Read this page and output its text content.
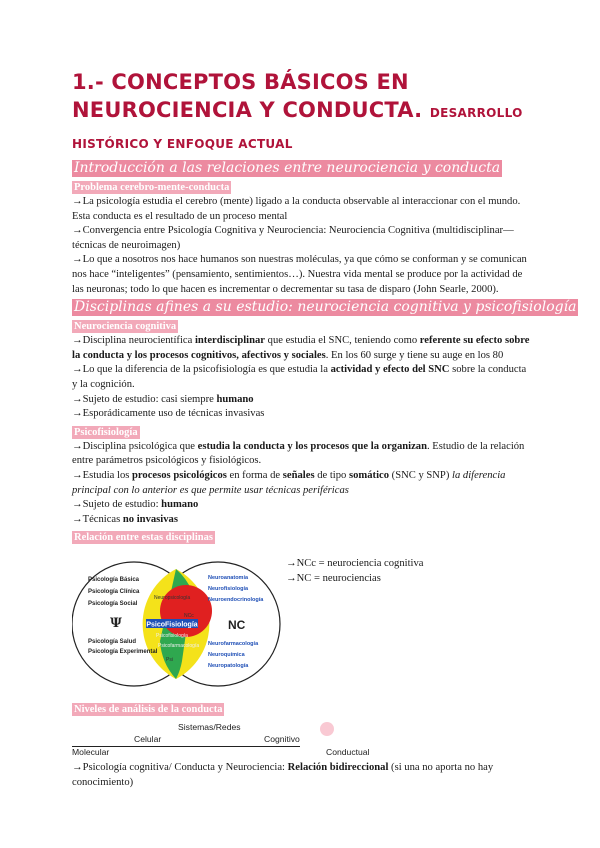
1.- CONCEPTOS BÁSICOS EN NEUROCIENCIA Y CONDUCTA. DESARROLLO HISTÓRICO Y ENFOQUE ACTUAL
Introducción a las relaciones entre neurociencia y conducta
Problema cerebro-mente-conducta

→ La psicología estudia el cerebro (mente) ligado a la conducta observable al interaccionar con el mundo. Esta conducta es el resultado de un proceso mental

→ Convergencia entre Psicología Cognitiva y Neurociencia: Neurociencia Cognitiva (multidisciplinar—técnicas de neuroimagen)

→ Lo que a nosotros nos hace humanos son nuestras moléculas, ya que cómo se conforman y se comunican nos hace “inteligentes” (pensamiento, sentimientos…). Nuestra vida mental se produce por la actividad de las neuronas; todo lo que hacen es incrementar o decrementar su tasa de disparo (John Searle, 2000).

Disciplinas afines a su estudio: neurociencia cognitiva y psicofisiología
Neurociencia cognitiva

→ Disciplina neurocientífica interdisciplinar que estudia el SNC, teniendo como referente su efecto sobre la conducta y los procesos cognitivos, afectivos y sociales. En los 60 surge y tiene su auge en los 80

→ Lo que la diferencia de la psicofisiología es que estudia la actividad y efecto del SNC sobre la conducta y la cognición.

→ Sujeto de estudio: casi siempre humano

→ Esporádicamente uso de técnicas invasivas

Psicofisiología

→ Disciplina psicológica que estudia la conducta y los procesos que la organizan. Estudio de la relación entre parámetros psicológicos y fisiológicos.

→ Estudia los procesos psicológicos en forma de señales de tipo somático (SNC y SNP) la diferencia principal con lo anterior es que permite usar técnicas periféricas

→ Sujeto de estudio: humano

→ Técnicas no invasivas

Relación entre estas disciplinas
PsicoFisiología
Neuropsicología
NCc
Psicofisiología
Psicofarmacología
Psi
Psicología Básica
Psicología Clínica
Psicología Social
Ψ
Psicología Salud
Psicología Experimental
Neuroanatomía
Neurofisiología
Neuroendocrinología
NC
Neurofarmacología
Neuroquímica
Neuropatología

→ NCc = neurociencia cognitiva

→ NC = neurociencias

Niveles de análisis de la conducta
Molecular
Celular
Sistemas/Redes
Cognitivo
Conductual

→ Psicología cognitiva/ Conducta y Neurociencia: Relación bidireccional (si una no aporta no hay conocimiento)
